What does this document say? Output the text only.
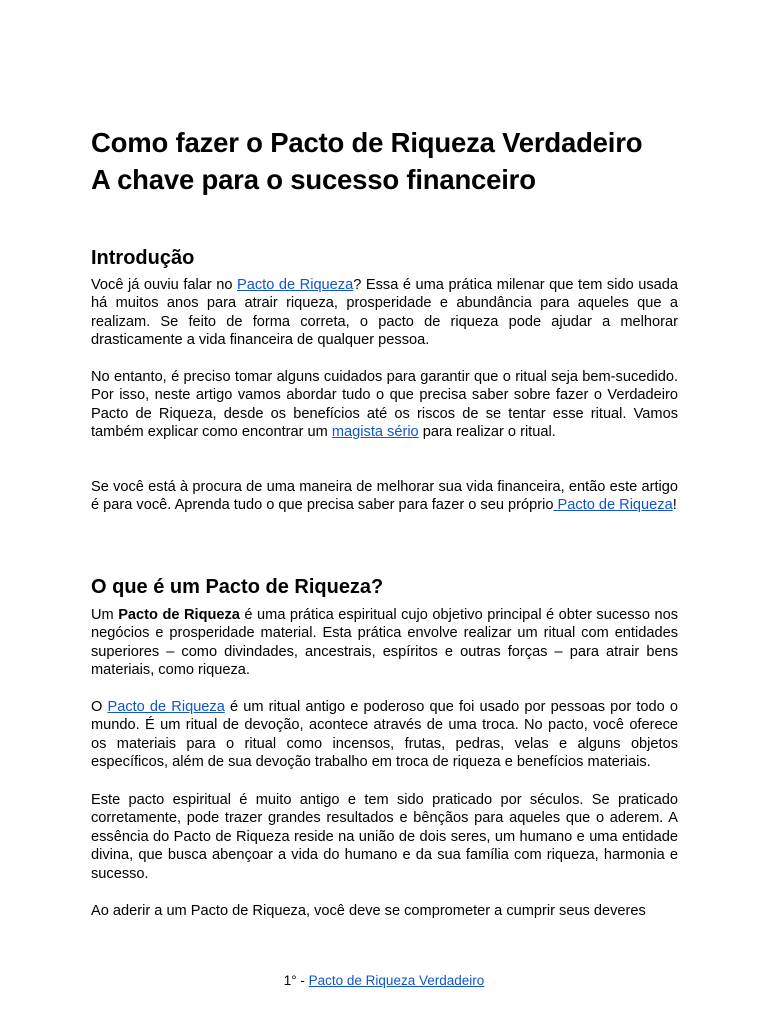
Como fazer o Pacto de Riqueza Verdadeiro
A chave para o sucesso financeiro
Introdução

Você já ouviu falar no Pacto de Riqueza? Essa é uma prática milenar que tem sido usada há muitos anos para atrair riqueza, prosperidade e abundância para aqueles que a realizam. Se feito de forma correta, o pacto de riqueza pode ajudar a melhorar drasticamente a vida financeira de qualquer pessoa.

No entanto, é preciso tomar alguns cuidados para garantir que o ritual seja bem-sucedido. Por isso, neste artigo vamos abordar tudo o que precisa saber sobre fazer o Verdadeiro Pacto de Riqueza, desde os benefícios até os riscos de se tentar esse ritual. Vamos também explicar como encontrar um magista sério para realizar o ritual.

Se você está à procura de uma maneira de melhorar sua vida financeira, então este artigo é para você. Aprenda tudo o que precisa saber para fazer o seu próprio Pacto de Riqueza!

O que é um Pacto de Riqueza?

Um Pacto de Riqueza é uma prática espiritual cujo objetivo principal é obter sucesso nos negócios e prosperidade material. Esta prática envolve realizar um ritual com entidades superiores – como divindades, ancestrais, espíritos e outras forças – para atrair bens materiais, como riqueza.

O Pacto de Riqueza é um ritual antigo e poderoso que foi usado por pessoas por todo o mundo. É um ritual de devoção, acontece através de uma troca. No pacto, você oferece os materiais para o ritual como incensos, frutas, pedras, velas e alguns objetos específicos, além de sua devoção trabalho em troca de riqueza e benefícios materiais.

Este pacto espiritual é muito antigo e tem sido praticado por séculos. Se praticado corretamente, pode trazer grandes resultados e bênçãos para aqueles que o aderem. A essência do Pacto de Riqueza reside na união de dois seres, um humano e uma entidade divina, que busca abençoar a vida do humano e da sua família com riqueza, harmonia e sucesso.

Ao aderir a um Pacto de Riqueza, você deve se comprometer a cumprir seus deveres

1° - Pacto de Riqueza Verdadeiro
